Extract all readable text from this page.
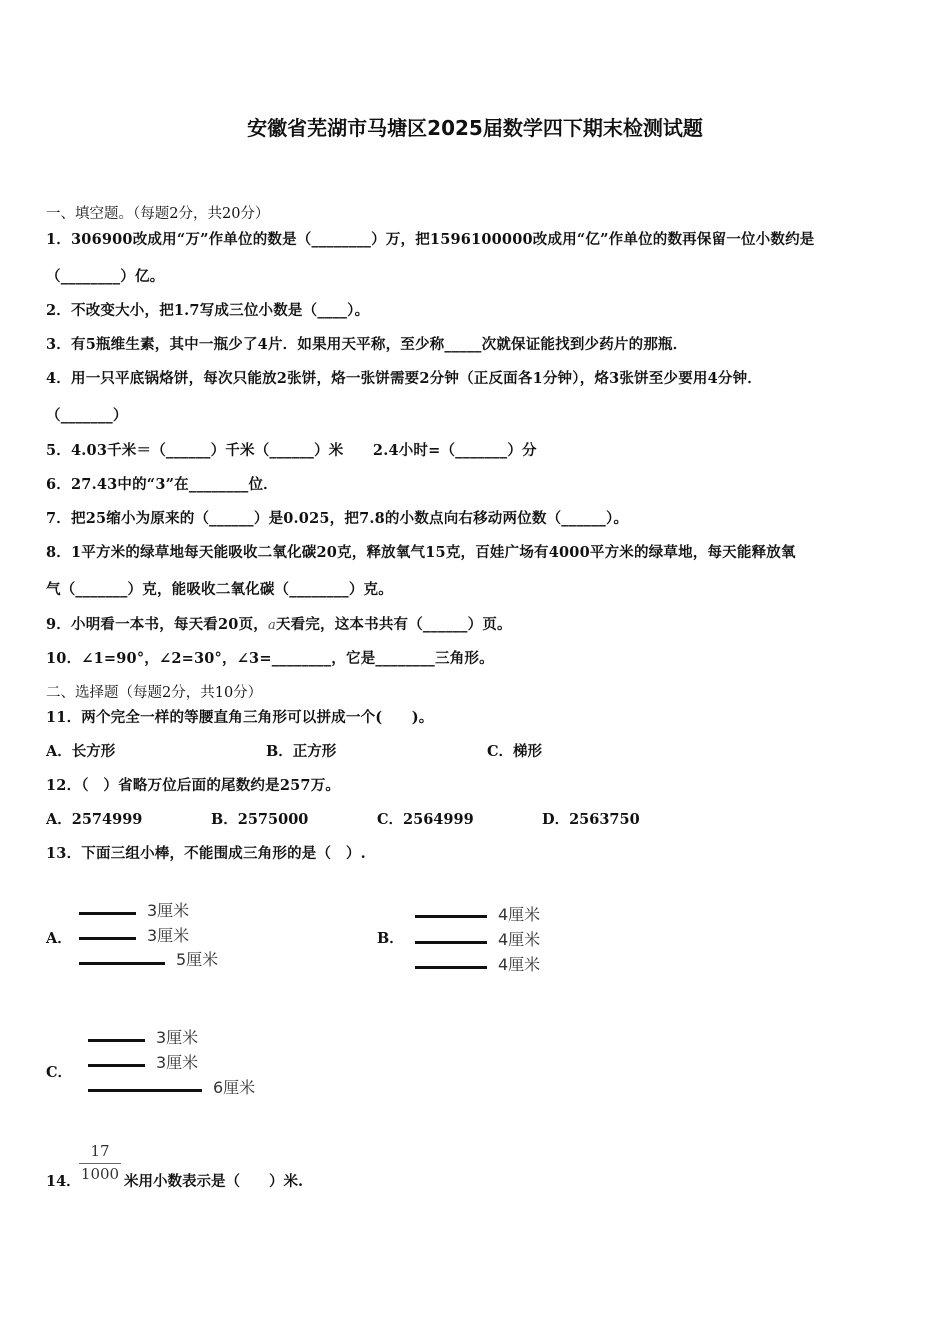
安徽省芜湖市马塘区2025届数学四下期末检测试题
一、填空题。（每题2分，共20分）
1．306900改成用“万”作单位的数是（________）万，把1596100000改成用“亿”作单位的数再保留一位小数约是
（________）亿。
2．不改变大小，把1.7写成三位小数是（____）。
3．有5瓶维生素，其中一瓶少了4片．如果用天平称，至少称_____次就保证能找到少药片的那瓶．
4．用一只平底锅烙饼，每次只能放2张饼，烙一张饼需要2分钟（正反面各1分钟），烙3张饼至少要用4分钟．
（_______）
5．4.03千米＝（______）千米（______）米　　2.4小时=（_______）分
6．27.43中的“3”在________位．
7．把25缩小为原来的（______）是0.025，把7.8的小数点向右移动两位数（______）。
8．1平方米的绿草地每天能吸收二氧化碳20克，释放氧气15克，百娃广场有4000平方米的绿草地，每天能释放氧
气（_______）克，能吸收二氧化碳（________）克。
9．小明看一本书，每天看20页，a天看完，这本书共有（______）页。
10．∠1=90°，∠2=30°，∠3=________，它是________三角形。
二、选择题（每题2分，共10分）
11．两个完全一样的等腰直角三角形可以拼成一个(　　)。
A．长方形	B．正方形	C．梯形
12．（　）省略万位后面的尾数约是257万。
A．2574999	B．2575000	C．2564999	D．2563750
13．下面三组小棒，不能围成三角形的是（　）.
A．
3厘米
3厘米
5厘米
B．
4厘米
4厘米
4厘米
C．
3厘米
3厘米
6厘米
14．
17
1000 米用小数表示是（　　）米.
